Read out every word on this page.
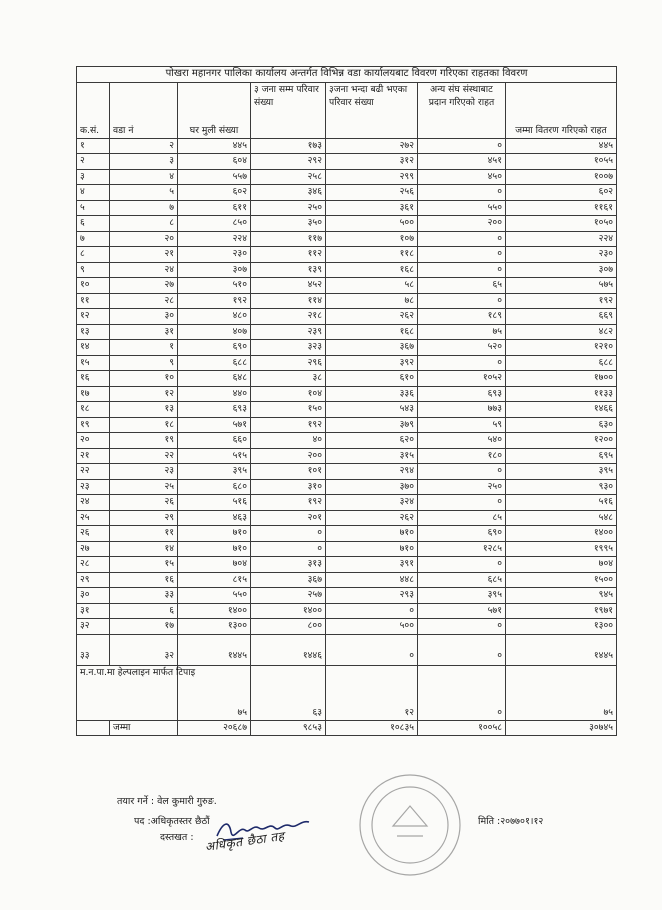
पोखरा महानगर पालिका कार्यालय अन्तर्गत विभिन्न वडा कार्यालयबाट विवरण गरिएका राहतका विवरण						
क.सं.	वडा नं	घर मुली संख्या	३ जना सम्म परिवार संख्या	३जना भन्दा बढी भएका परिवार संख्या	अन्य संघ संस्थाबाट प्रदान गरिएको राहत	जम्मा वितरण गरिएको राहत
१	२	४४५	१७३	२७२	०	४४५
२	३	६०४	२९२	३१२	४५१	१०५५
३	४	५५७	२५८	२९९	४५०	१००७
४	५	६०२	३४६	२५६	०	६०२
५	७	६११	२५०	३६१	५५०	११६१
६	८	८५०	३५०	५००	२००	१०५०
७	२०	२२४	११७	१०७	०	२२४
८	२१	२३०	११२	११८	०	२३०
९	२४	३०७	१३९	१६८	०	३०७
१०	२७	५१०	४५२	५८	६५	५७५
११	२८	१९२	११४	७८	०	१९२
१२	३०	४८०	२१८	२६२	१८९	६६९
१३	३१	४०७	२३९	१६८	७५	४८२
१४	१	६९०	३२३	३६७	५२०	१२१०
१५	९	६८८	२९६	३९२	०	६८८
१६	१०	६४८	३८	६१०	१०५२	१७००
१७	१२	४४०	१०४	३३६	६९३	११३३
१८	१३	६९३	१५०	५४३	७७३	१४६६
१९	१८	५७१	१९२	३७९	५९	६३०
२०	१९	६६०	४०	६२०	५४०	१२००
२१	२२	५१५	२००	३१५	१८०	६९५
२२	२३	३९५	१०१	२९४	०	३९५
२३	२५	६८०	३१०	३७०	२५०	९३०
२४	२६	५१६	१९२	३२४	०	५१६
२५	२९	४६३	२०१	२६२	८५	५४८
२६	११	७१०	०	७१०	६९०	१४००
२७	१४	७१०	०	७१०	१२८५	१९९५
२८	१५	७०४	३१३	३९१	०	७०४
२९	१६	८१५	३६७	४४८	६८५	१५००
३०	३३	५५०	२५७	२९३	३९५	९४५
३१	६	१४००	१४००	०	५७१	१९७१
३२	१७	१३००	८००	५००	०	१३००
३३	३२	१४४५	१४४६	०	०	१४४५
म.न.पा.मा हेल्पलाइन मार्फत टिपाइ		७५	६३	१२	०	७५
	जम्मा	२०६८७	९८५३	१०८३५	१००५८	३०७४५
तयार गर्ने : वेल कुमारी गुरुङ.
पद :अधिकृतस्तर छैठौं
दस्तखत :
मिति :२०७७०१।१२
अधिकृत छैठा तह
